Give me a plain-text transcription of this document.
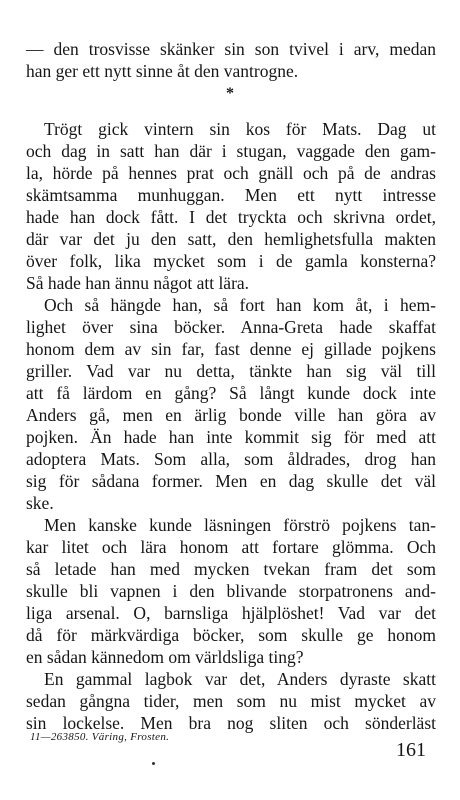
— den trosvisse skänker sin son tvivel i arv, medan
han ger ett nytt sinne åt den vantrogne.
*
Trögt gick vintern sin kos för Mats. Dag ut
och dag in satt han där i stugan, vaggade den gam-
la, hörde på hennes prat och gnäll och på de andras
skämtsamma munhuggan. Men ett nytt intresse
hade han dock fått. I det tryckta och skrivna ordet,
där var det ju den satt, den hemlighetsfulla makten
över folk, lika mycket som i de gamla konsterna?
Så hade han ännu något att lära.
Och så hängde han, så fort han kom åt, i hem-
lighet över sina böcker. Anna-Greta hade skaffat
honom dem av sin far, fast denne ej gillade pojkens
griller. Vad var nu detta, tänkte han sig väl till
att få lärdom en gång? Så långt kunde dock inte
Anders gå, men en ärlig bonde ville han göra av
pojken. Än hade han inte kommit sig för med att
adoptera Mats. Som alla, som åldrades, drog han
sig för sådana former. Men en dag skulle det väl
ske.
Men kanske kunde läsningen förströ pojkens tan-
kar litet och lära honom att fortare glömma. Och
så letade han med mycken tvekan fram det som
skulle bli vapnen i den blivande storpatronens and-
liga arsenal. O, barnsliga hjälplöshet! Vad var det
då för märkvärdiga böcker, som skulle ge honom
en sådan kännedom om världsliga ting?
En gammal lagbok var det, Anders dyraste skatt
sedan gångna tider, men som nu mist mycket av
sin lockelse. Men bra nog sliten och sönderläst
11—263850. Väring, Frosten.
161
